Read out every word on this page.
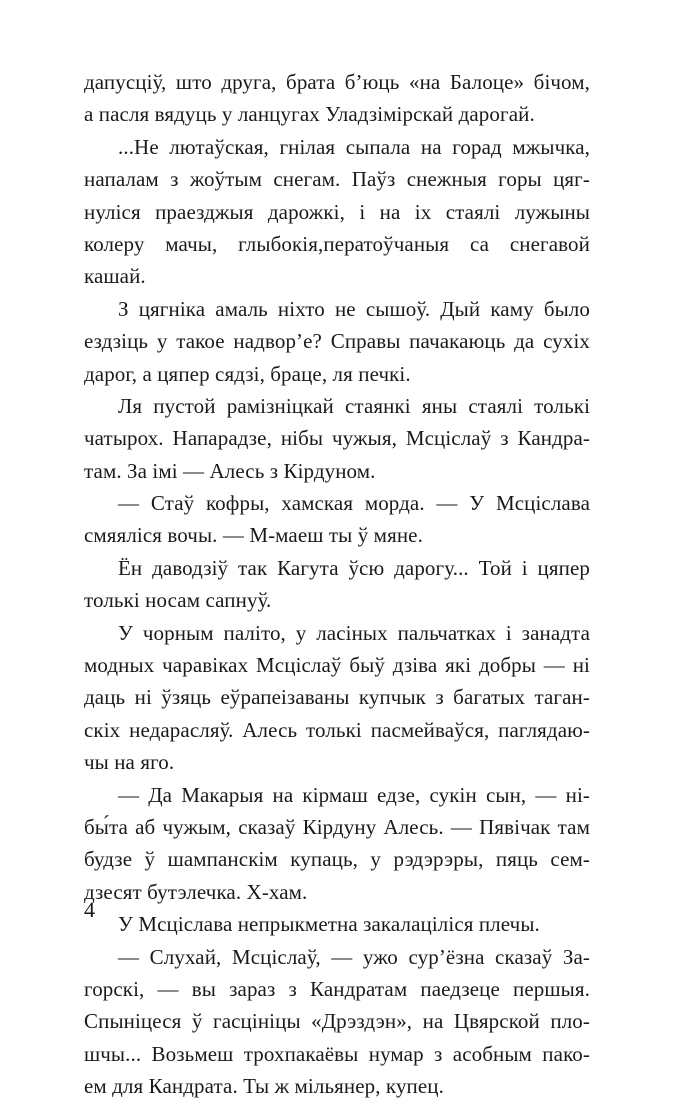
дапусціў, што друга, брата б’юць «на Балоце» бічом,
а пасля вядуць у ланцугах Уладзімірскай дарогай.
...Не лютаўская, гнілая сыпала на горад мжычка,
напалам з жоўтым снегам. Паўз снежныя горы цяг-
нуліся праезджыя дарожкі, і на іх стаялі лужыны
колеру мачы, глыбокія,ператоўчаныя са снегавой
кашай.
З цягніка амаль ніхто не сышоў. Дый каму было
ездзіць у такое надвор’е? Справы пачакаюць да сухіх
дарог, а цяпер сядзі, браце, ля печкі.
Ля пустой рамізніцкай стаянкі яны стаялі толькі
чатырох. Напарадзе, нібы чужыя, Мсціслаў з Кандра-
там. За імі — Алесь з Кірдуном.
— Стаў кофры, хамская морда. — У Мсціслава
смяяліся вочы. — М-маеш ты ў мяне.
Ён даводзіў так Кагута ўсю дарогу... Той і цяпер
толькі носам сапнуў.
У чорным паліто, у ласіных пальчатках і занадта
модных чаравіках Мсціслаў быў дзіва які добры — ні
даць ні ўзяць еўрапеізаваны купчык з багатых таган-
скіх недарасляў. Алесь толькі пасмейваўся, паглядаю-
чы на яго.
— Да Макарыя на кірмаш едзе, сукін сын, — ні-
бы́та аб чужым, сказаў Кірдуну Алесь. — Пявічак там
будзе ў шампанскім купаць, у рэдэрэры, пяць сем-
дзесят бутэлечка. Х-хам.
У Мсціслава непрыкметна закалаціліся плечы.
— Слухай, Мсціслаў, — ужо сур’ёзна сказаў За-
горскі, — вы зараз з Кандратам паедзеце першыя.
Спыніцеся ў гасцініцы «Дрэздэн», на Цвярской пло-
шчы... Возьмеш трохпакаёвы нумар з асобным пако-
ем для Кандрата. Ты ж мільянер, купец.
4
